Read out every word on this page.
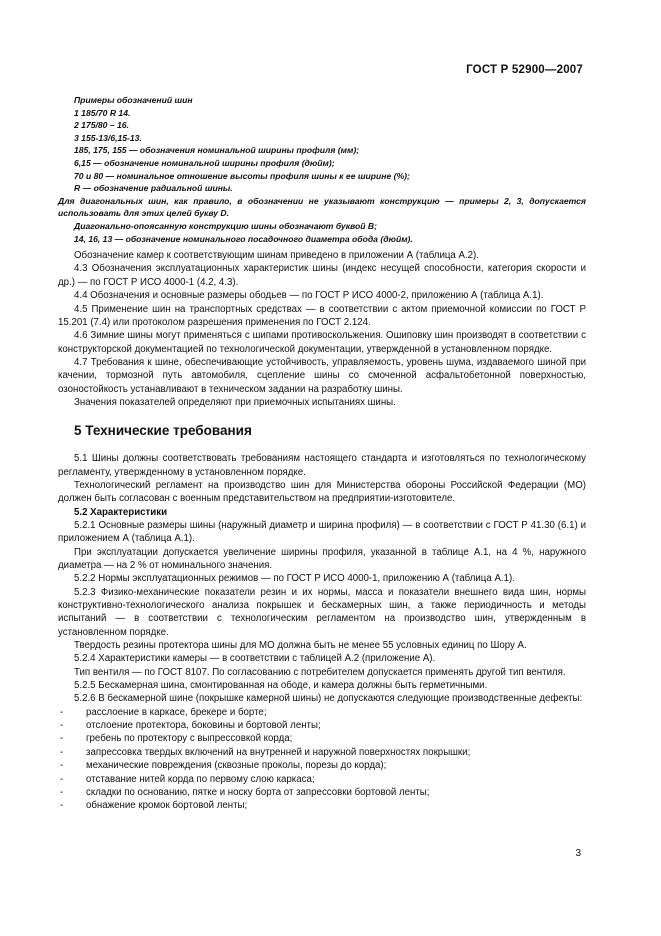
ГОСТ Р 52900—2007
Примеры обозначений шин
1 185/70 R 14.
2 175/80 – 16.
3 155-13/6,15-13.
185, 175, 155 — обозначения номинальной ширины профиля (мм);
6,15 — обозначение номинальной ширины профиля (дюйм);
70 и 80 — номинальное отношение высоты профиля шины к ее ширине (%);
R — обозначение радиальной шины.
Для диагональных шин, как правило, в обозначении не указывают конструкцию — примеры 2, 3, допускается использовать для этих целей букву D.
Диагонально-опоясанную конструкцию шины обозначают буквой В;
14, 16, 13 — обозначение номинального посадочного диаметра обода (дюйм).

Обозначение камер к соответствующим шинам приведено в приложении А (таблица А.2).

4.3 Обозначения эксплуатационных характеристик шины (индекс несущей способности, категория скорости и др.) — по ГОСТ Р ИСО 4000-1 (4.2, 4.3).

4.4 Обозначения и основные размеры ободьев — по ГОСТ Р ИСО 4000-2, приложению А (таблица А.1).

4.5 Применение шин на транспортных средствах — в соответствии с актом приемочной комиссии по ГОСТ Р 15.201 (7.4) или протоколом разрешения применения по ГОСТ 2.124.

4.6 Зимние шины могут применяться с шипами противоскольжения. Ошиповку шин производят в соответствии с конструкторской документацией по технологической документации, утвержденной в установленном порядке.

4.7 Требования к шине, обеспечивающие устойчивость, управляемость, уровень шума, издаваемого шиной при качении, тормозной путь автомобиля, сцепление шины со смоченной асфальтобетонной поверхностью, озоностойкость устанавливают в техническом задании на разработку шины.

Значения показателей определяют при приемочных испытаниях шины.

5 Технические требования

5.1 Шины должны соответствовать требованиям настоящего стандарта и изготовляться по технологическому регламенту, утвержденному в установленном порядке.

Технологический регламент на производство шин для Министерства обороны Российской Федерации (МО) должен быть согласован с военным представительством на предприятии-изготовителе.

5.2 Характеристики

5.2.1 Основные размеры шины (наружный диаметр и ширина профиля) — в соответствии с ГОСТ Р 41.30 (6.1) и приложением А (таблица А.1).

При эксплуатации допускается увеличение ширины профиля, указанной в таблице А.1, на 4 %, наружного диаметра — на 2 % от номинального значения.

5.2.2 Нормы эксплуатационных режимов — по ГОСТ Р ИСО 4000-1, приложению А (таблица А.1).

5.2.3 Физико-механические показатели резин и их нормы, масса и показатели внешнего вида шин, нормы конструктивно-технологического анализа покрышек и бескамерных шин, а также периодичность и методы испытаний — в соответствии с технологическим регламентом на производство шин, утвержденным в установленном порядке.

Твердость резины протектора шины для МО должна быть не менее 55 условных единиц по Шору А.

5.2.4 Характеристики камеры — в соответствии с таблицей А.2 (приложение А).

Тип вентиля — по ГОСТ 8107. По согласованию с потребителем допускается применять другой тип вентиля.

5.2.5 Бескамерная шина, смонтированная на ободе, и камера должны быть герметичными.

5.2.6 В бескамерной шине (покрышке камерной шины) не допускаются следующие производственные дефекты:

- расслоение в каркасе, брекере и борте;
- отслоение протектора, боковины и бортовой ленты;
- гребень по протектору с выпрессовкой корда;
- запрессовка твердых включений на внутренней и наружной поверхностях покрышки;
- механические повреждения (сквозные проколы, порезы до корда);
- отставание нитей корда по первому слою каркаса;
- складки по основанию, пятке и носку борта от запрессовки бортовой ленты;
- обнажение кромок бортовой ленты;
3
